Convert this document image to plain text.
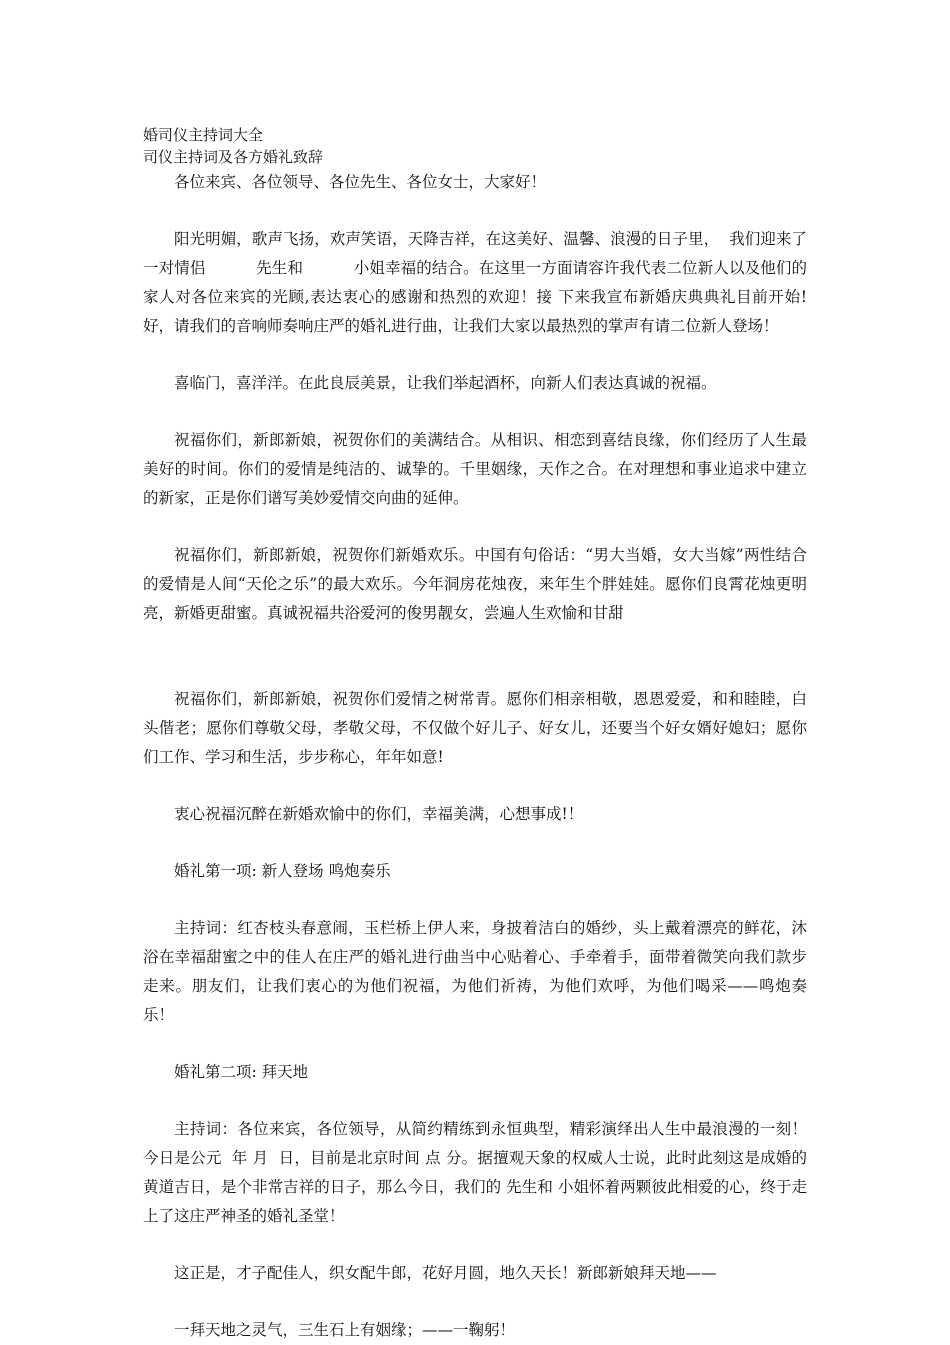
婚司仪主持词大全

司仪主持词及各方婚礼致辞

各位来宾、各位领导、各位先生、各位女士，大家好！

阳光明媚，歌声飞扬，欢声笑语，天降吉祥，在这美好、温馨、浪漫的日子里，  我们迎来了一对情侣          先生和          小姐幸福的结合。在这里一方面请容许我代表二位新人以及他们的家人对各位来宾的光顾,表达衷心的感谢和热烈的欢迎！接 下来我宣布新婚庆典典礼目前开始!好，请我们的音响师奏响庄严的婚礼进行曲，让我们大家以最热烈的掌声有请二位新人登场！

喜临门，喜洋洋。在此良辰美景，让我们举起酒杯，向新人们表达真诚的祝福。

祝福你们，新郎新娘，祝贺你们的美满结合。从相识、相恋到喜结良缘，你们经历了人生最美好的时间。你们的爱情是纯洁的、诚挚的。千里姻缘，天作之合。在对理想和事业追求中建立的新家，正是你们谱写美妙爱情交向曲的延伸。

祝福你们，新郎新娘，祝贺你们新婚欢乐。中国有句俗话：“男大当婚，女大当嫁”两性结合的爱情是人间“天伦之乐”的最大欢乐。今年洞房花烛夜，来年生个胖娃娃。愿你们良霄花烛更明亮，新婚更甜蜜。真诚祝福共浴爱河的俊男靓女，尝遍人生欢愉和甘甜

祝福你们，新郎新娘，祝贺你们爱情之树常青。愿你们相亲相敬，恩恩爱爱，和和睦睦，白头偕老；愿你们尊敬父母，孝敬父母，不仅做个好儿子、好女儿，还要当个好女婿好媳妇；愿你们工作、学习和生活，步步称心，年年如意!

衷心祝福沉醉在新婚欢愉中的你们，幸福美满，心想事成!！

婚礼第一项: 新人登场 鸣炮奏乐

主持词：红杏枝头春意闹，玉栏桥上伊人来，身披着洁白的婚纱，头上戴着漂亮的鲜花，沐浴在幸福甜蜜之中的佳人在庄严的婚礼进行曲当中心贴着心、手牵着手，面带着微笑向我们款步走来。朋友们，让我们衷心的为他们祝福，为他们祈祷，为他们欢呼，为他们喝采——鸣炮奏乐！

婚礼第二项: 拜天地

主持词：各位来宾，各位领导，从简约精练到永恒典型，精彩演绎出人生中最浪漫的一刻！今日是公元  年 月  日，目前是北京时间 点 分。据擅观天象的权威人士说，此时此刻这是成婚的黄道吉日，是个非常吉祥的日子，那么今日，我们的 先生和 小姐怀着两颗彼此相爱的心，终于走上了这庄严神圣的婚礼圣堂！

这正是，才子配佳人，织女配牛郎，花好月圆，地久天长！新郎新娘拜天地——

一拜天地之灵气，三生石上有姻缘；——一鞠躬！
